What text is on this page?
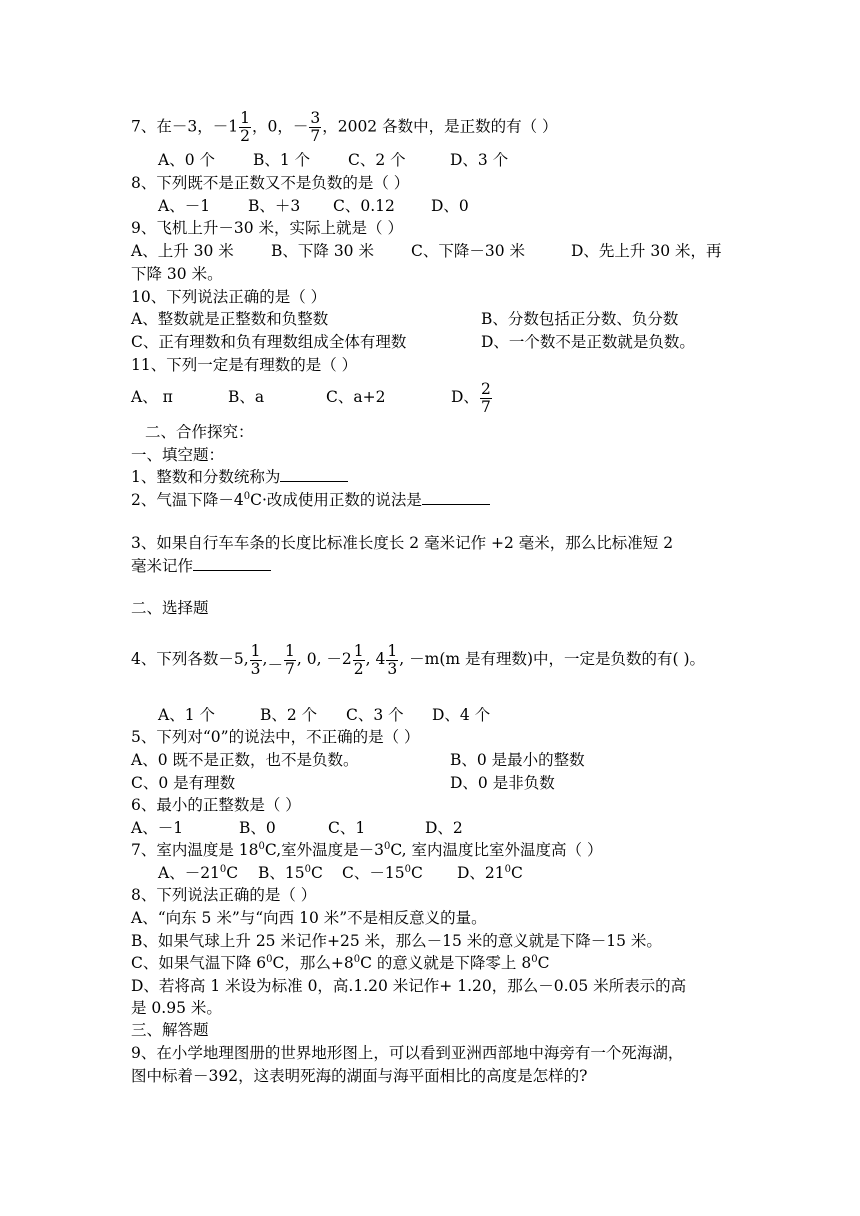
7、在－3，$-1 \frac{1}{2}$ ，0，－ $\frac{3}{7}$ ，2002 各数中，是正数的有（ ）
A、0 个 B、1 个 C、2 个	D、3 个
8、下列既不是正数又不是负数的是（ ）
A、－1 B、＋3 C、0.12 D、0
9、飞机上升－30 米，实际上就是（ ）
A、上升 30 米 B、下降 30 米 C、下降－30 米	D、先上升 30 米，再
下降 30 米。
10、下列说法正确的是（ ）
A、整数就是正整数和负整数	B、分数包括正分数、负分数
C、正有理数和负有理数组成全体有理数	D、一个数不是正数就是负数。
11、下列一定是有理数的是（ ）
A、 π	B、a	C、a+2	D、 $\frac{2}{7}$
二、合作探究：
一、填空题：
1、整数和分数统称为
2、气温下降$-4^0C\cdot$改成使用正数的说法是
3、如果自行车车条的长度比标准长度长 2 毫米记作 +2 毫米，那么比标准短 2
毫米记作
二、选择题
4、下列各数－5, $\frac{1}{3}$ ,－ $\frac{1}{7}$ , 0, $-2 \frac{1}{2}$ , $4 \frac{1}{3}$ , －m(m 是有理数)中，一定是负数的有( )。
A、1 个	B、2 个 C、3 个 D、4 个
5、下列对“0”的说法中，不正确的是（ ）
A、0 既不是正数，也不是负数。	B、0 是最小的整数
C、0 是有理数	D、0 是非负数
6、最小的正整数是（ ）
A、－1	B、0	C、1	D、2
7、室内温度是 $18^0C$,室外温度是$-3^0C$, 室内温度比室外温度高（ ）
A、$-21^0C$ B、$15^0C$ C、$-15^0C$ D、$21^0C$
8、下列说法正确的是（ ）
A、“向东 5 米”与“向西 10 米”不是相反意义的量。
B、如果气球上升 25 米记作+25 米，那么－15 米的意义就是下降－15 米。
C、如果气温下降 $6^0C$，那么$+8^0C$ 的意义就是下降零上 $8^0C$
D、若将高 1 米设为标准 0，高.1.20 米记作+ 1.20，那么－0.05 米所表示的高
是 0.95 米。
三、解答题
9、在小学地理图册的世界地形图上，可以看到亚洲西部地中海旁有一个死海湖，
图中标着－392，这表明死海的湖面与海平面相比的高度是怎样的?
